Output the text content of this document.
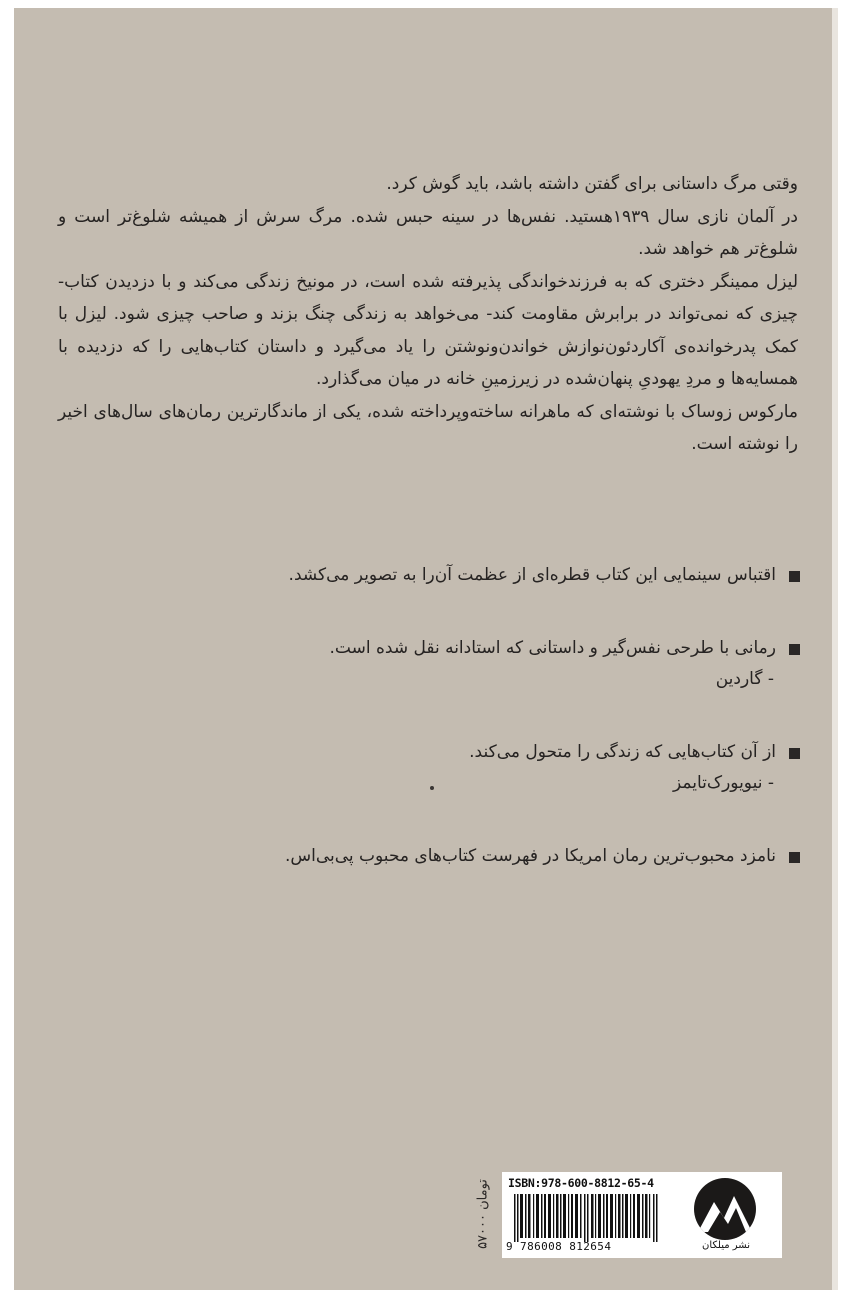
وقتی مرگ داستانی برای گفتن داشته باشد، باید گوش کرد.

در آلمان نازی سال ۱۹۳۹هستید. نفس‌ها در سینه حبس شده. مرگ سرش از همیشه شلوغ‌تر است و شلوغ‌تر هم خواهد شد.

لیزل ممینگر دختری که به فرزندخواندگی پذیرفته شده است، در مونیخ زندگی می‌کند و با دزدیدن کتاب- چیزی که نمی‌تواند در برابرش مقاومت کند- می‌خواهد به زندگی چنگ بزند و صاحب چیزی شود. لیزل با کمک پدرخوانده‌ی آکاردئون‌نوازش خواندن‌ونوشتن را یاد می‌گیرد و داستان کتاب‌هایی را که دزدیده با همسایه‌ها و مردِ یهودیِ پنهان‌شده در زیرزمینِ خانه در میان می‌گذارد.

مارکوس زوساک با نوشته‌ای که ماهرانه ساخته‌وپرداخته شده، یکی از ماندگارترین رمان‌های سال‌های اخیر را نوشته است.

اقتباس سینمایی این کتاب قطره‌ای از عظمت آن‌را به تصویر می‌کشد.
رمانی با طرحی نفس‌گیر و داستانی که استادانه نقل شده است.
- گاردین
از آن کتاب‌هایی که زندگی را متحول می‌کند.
- نیویورک‌تایمز
نامزد محبوب‌ترین رمان امریکا در فهرست کتاب‌های محبوب پی‌بی‌اس.
۵۷۰۰۰ تومان ISBN:978-600-8812-65-4
9 786008 812654	نشر میلکان
